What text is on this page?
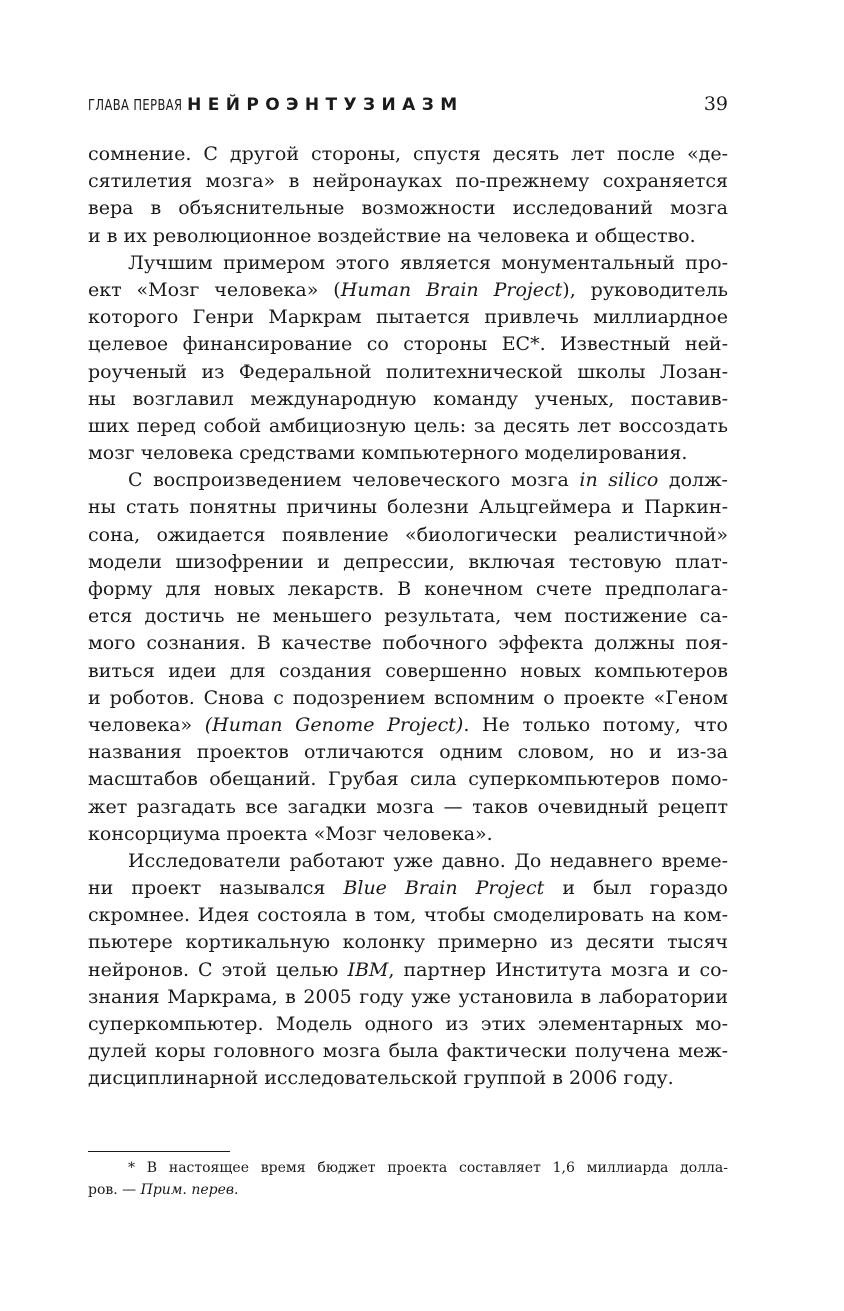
ГЛАВА ПЕРВАЯ НЕЙРОЭНТУЗИАЗМ	39
сомнение. С другой стороны, спустя десять лет после «де-
сятилетия мозга» в нейронауках по-прежнему сохраняется
вера в объяснительные возможности исследований мозга
и в их революционное воздействие на человека и общество.
Лучшим примером этого является монументальный про-
ект «Мозг человека» (Human Brain Project), руководитель
которого Генри Маркрам пытается привлечь миллиардное
целевое финансирование со стороны ЕС*. Известный ней-
роученый из Федеральной политехнической школы Лозан-
ны возглавил международную команду ученых, поставив-
ших перед собой амбициозную цель: за десять лет воссоздать
мозг человека средствами компьютерного моделирования.
С воспроизведением человеческого мозга in silico долж-
ны стать понятны причины болезни Альцгеймера и Паркин-
сона, ожидается появление «биологически реалистичной»
модели шизофрении и депрессии, включая тестовую плат-
форму для новых лекарств. В конечном счете предполага-
ется достичь не меньшего результата, чем постижение са-
мого сознания. В качестве побочного эффекта должны поя-
виться идеи для создания совершенно новых компьютеров
и роботов. Снова с подозрением вспомним о проекте «Геном
человека» (Human Genome Project). Не только потому, что
названия проектов отличаются одним словом, но и из-за
масштабов обещаний. Грубая сила суперкомпьютеров помо-
жет разгадать все загадки мозга — таков очевидный рецепт
консорциума проекта «Мозг человека».
Исследователи работают уже давно. До недавнего време-
ни проект назывался Blue Brain Project и был гораздо
скромнее. Идея состояла в том, чтобы смоделировать на ком-
пьютере кортикальную колонку примерно из десяти тысяч
нейронов. С этой целью IBM, партнер Института мозга и со-
знания Маркрама, в 2005 году уже установила в лаборатории
суперкомпьютер. Модель одного из этих элементарных мо-
дулей коры головного мозга была фактически получена меж-
дисциплинарной исследовательской группой в 2006 году.
* В настоящее время бюджет проекта составляет 1,6 миллиарда долла-
ров. — Прим. перев.
